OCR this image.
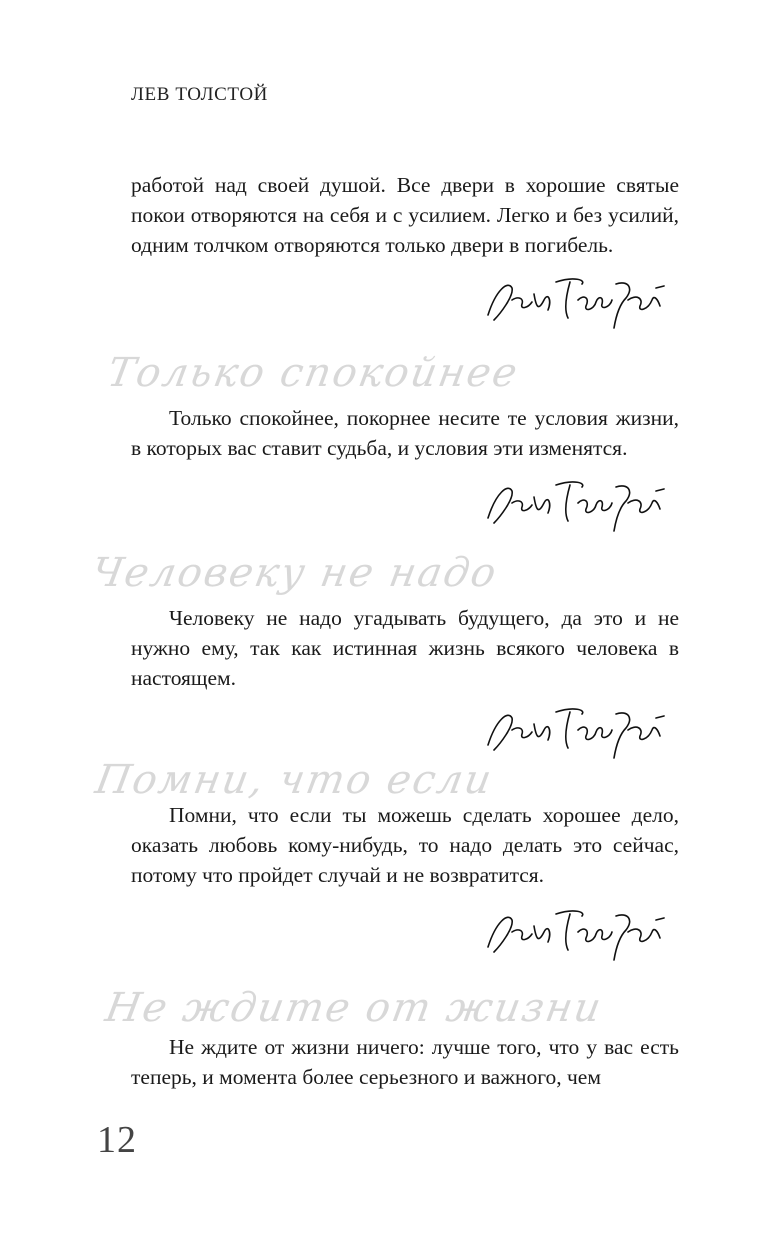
ЛЕВ ТОЛСТОЙ

работой над своей душой. Все двери в хорошие святые покои отворяются на себя и с усилием. Легко и без усилий, одним толчком отворяются только двери в погибель.

Только спокойнее

Только спокойнее, покорнее несите те условия жизни, в которых вас ставит судьба, и условия эти изменятся.

Человеку не надо

Человеку не надо угадывать будущего, да это и не нужно ему, так как истинная жизнь всякого человека в настоящем.

Помни, что если

Помни, что если ты можешь сделать хорошее дело, оказать любовь кому-нибудь, то надо делать это сейчас, потому что пройдет случай и не возвратится.

Не ждите от жизни

Не ждите от жизни ничего: лучше того, что у вас есть теперь, и момента более серьезного и важного, чем

12
